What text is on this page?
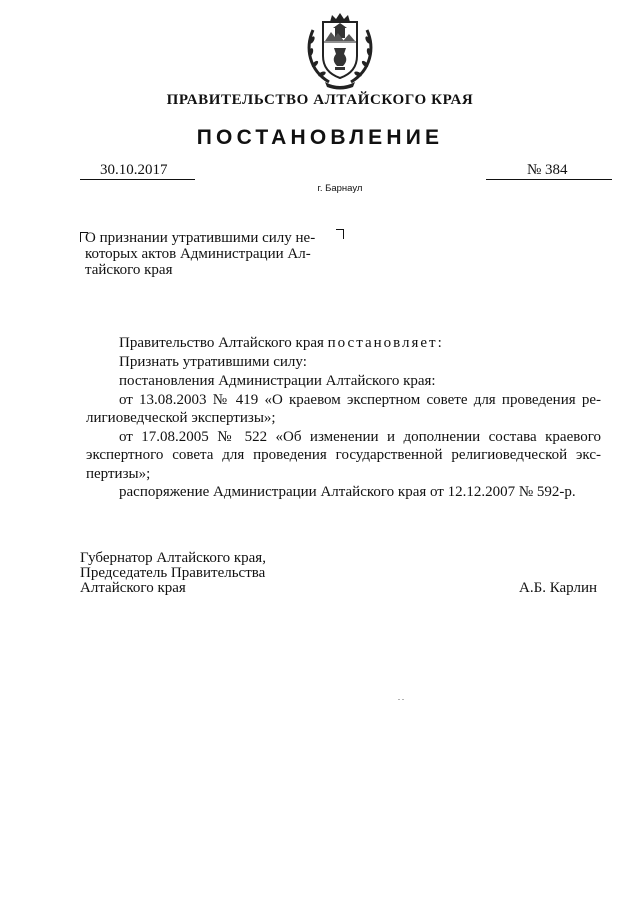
ПРАВИТЕЛЬСТВО АЛТАЙСКОГО КРАЯ
ПОСТАНОВЛЕНИЕ
30.10.2017	№ 384
г. Барнаул
О признании утратившими силу не-
которых актов Администрации Ал-
тайского края
Правительство Алтайского края постановляет:
Признать утратившими силу:
постановления Администрации Алтайского края:
от 13.08.2003 № 419 «О краевом экспертном совете для проведения ре-
лигиоведческой экспертизы»;
от 17.08.2005 № 522 «Об изменении и дополнении состава краевого
экспертного совета для проведения государственной религиоведческой экс-
пертизы»;
распоряжение Администрации Алтайского края от 12.12.2007 № 592-р.
Губернатор Алтайского края,
Председатель Правительства
Алтайского края	А.Б. Карлин
. .
